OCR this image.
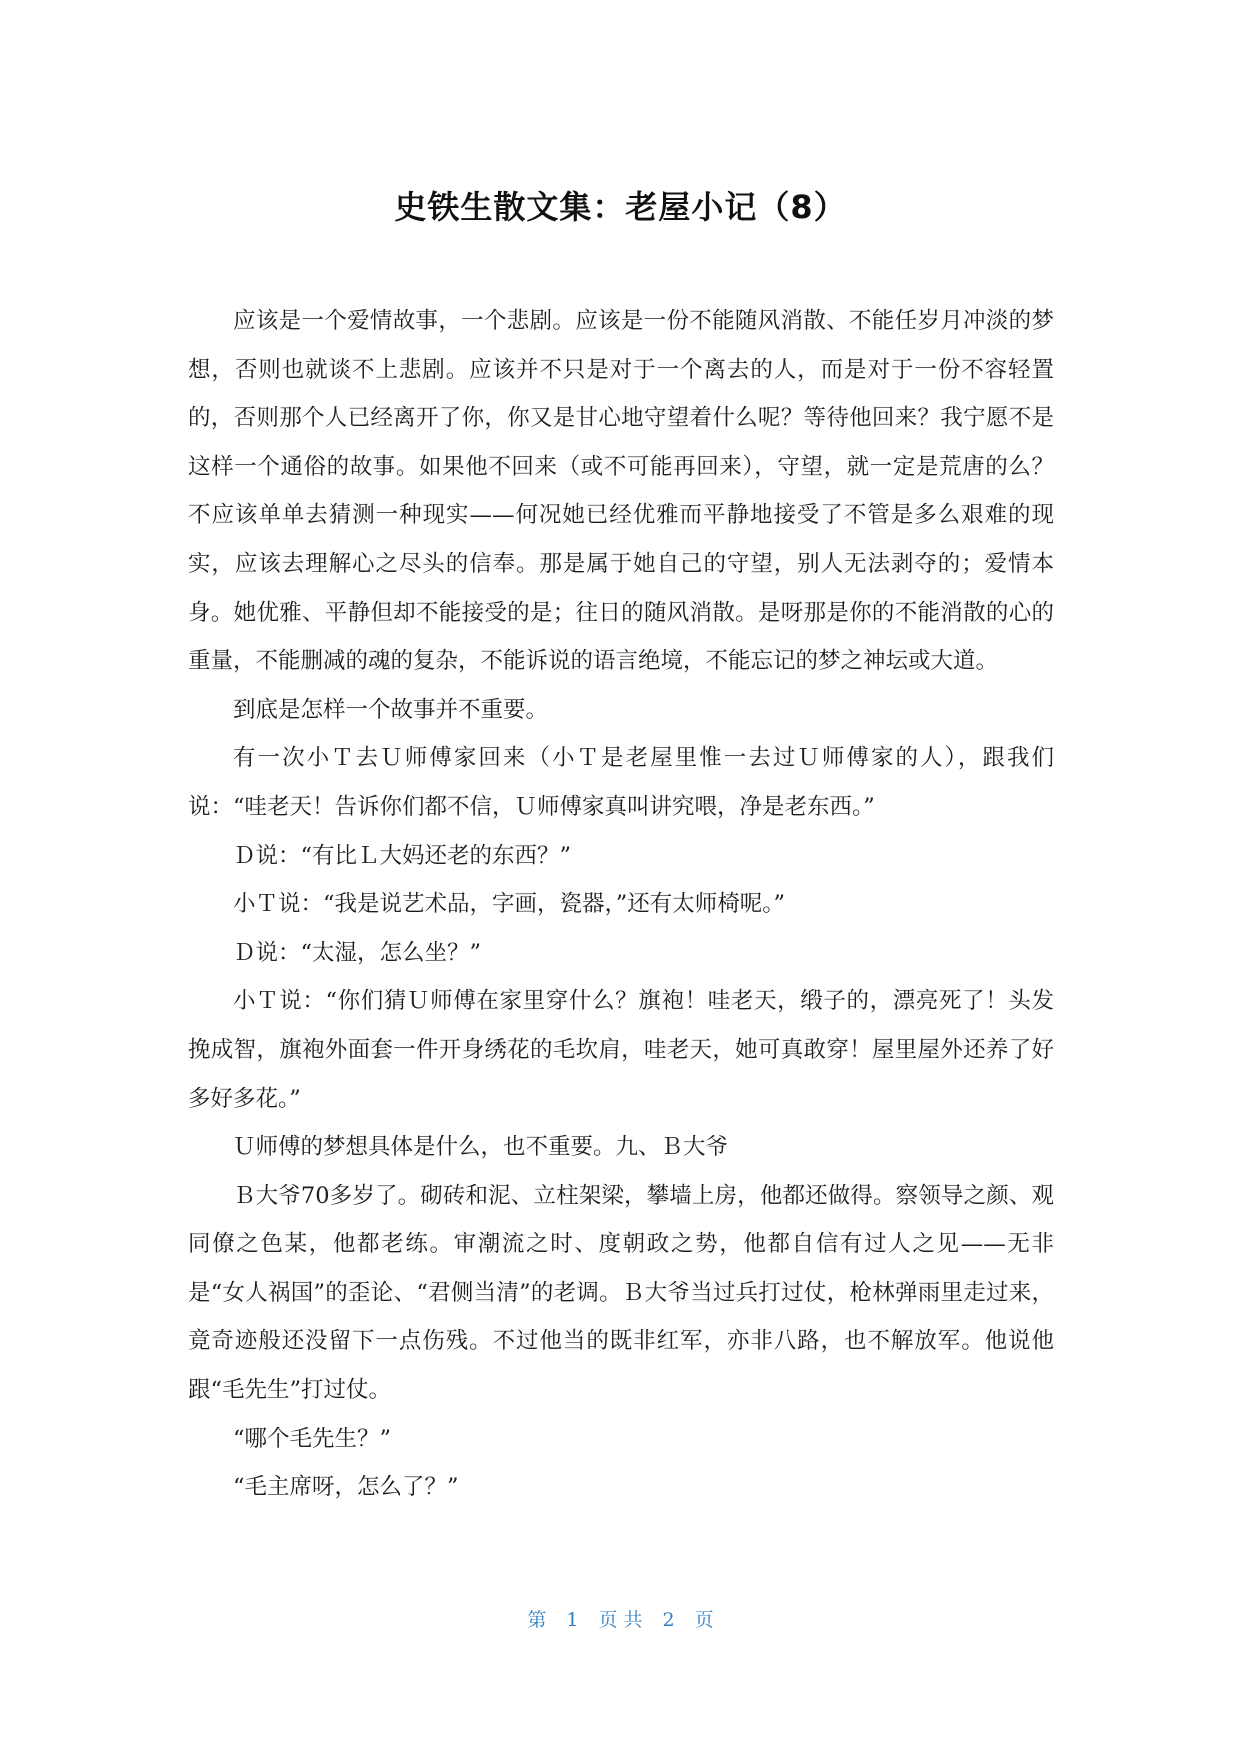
史铁生散文集：老屋小记（8）

应该是一个爱情故事，一个悲剧。应该是一份不能随风消散、不能任岁月冲淡的梦想，否则也就谈不上悲剧。应该并不只是对于一个离去的人，而是对于一份不容轻置的，否则那个人已经离开了你，你又是甘心地守望着什么呢？等待他回来？我宁愿不是这样一个通俗的故事。如果他不回来（或不可能再回来），守望，就一定是荒唐的么？不应该单单去猜测一种现实——何况她已经优雅而平静地接受了不管是多么艰难的现实，应该去理解心之尽头的信奉。那是属于她自己的守望，别人无法剥夺的；爱情本身。她优雅、平静但却不能接受的是；往日的随风消散。是呀那是你的不能消散的心的重量，不能删减的魂的复杂，不能诉说的语言绝境，不能忘记的梦之神坛或大道。

到底是怎样一个故事并不重要。

有一次小Ｔ去Ｕ师傅家回来（小Ｔ是老屋里惟一去过Ｕ师傅家的人），跟我们说：“哇老天！告诉你们都不信，Ｕ师傅家真叫讲究喂，净是老东西。”

Ｄ说：“有比Ｌ大妈还老的东西？”

小Ｔ说：“我是说艺术品，字画，瓷器，”还有太师椅呢。”

Ｄ说：“太湿，怎么坐？”

小Ｔ说：“你们猜Ｕ师傅在家里穿什么？旗袍！哇老天，缎子的，漂亮死了！头发挽成智，旗袍外面套一件开身绣花的毛坎肩，哇老天，她可真敢穿！屋里屋外还养了好多好多花。”

Ｕ师傅的梦想具体是什么，也不重要。九、Ｂ大爷

Ｂ大爷70多岁了。砌砖和泥、立柱架梁，攀墙上房，他都还做得。察领导之颜、观同僚之色某，他都老练。审潮流之时、度朝政之势，他都自信有过人之见——无非是“女人祸国”的歪论、“君侧当清”的老调。Ｂ大爷当过兵打过仗，枪林弹雨里走过来，竟奇迹般还没留下一点伤残。不过他当的既非红军，亦非八路，也不解放军。他说他跟“毛先生”打过仗。

“哪个毛先生？”

“毛主席呀，怎么了？”

第 1 页 共 2 页
